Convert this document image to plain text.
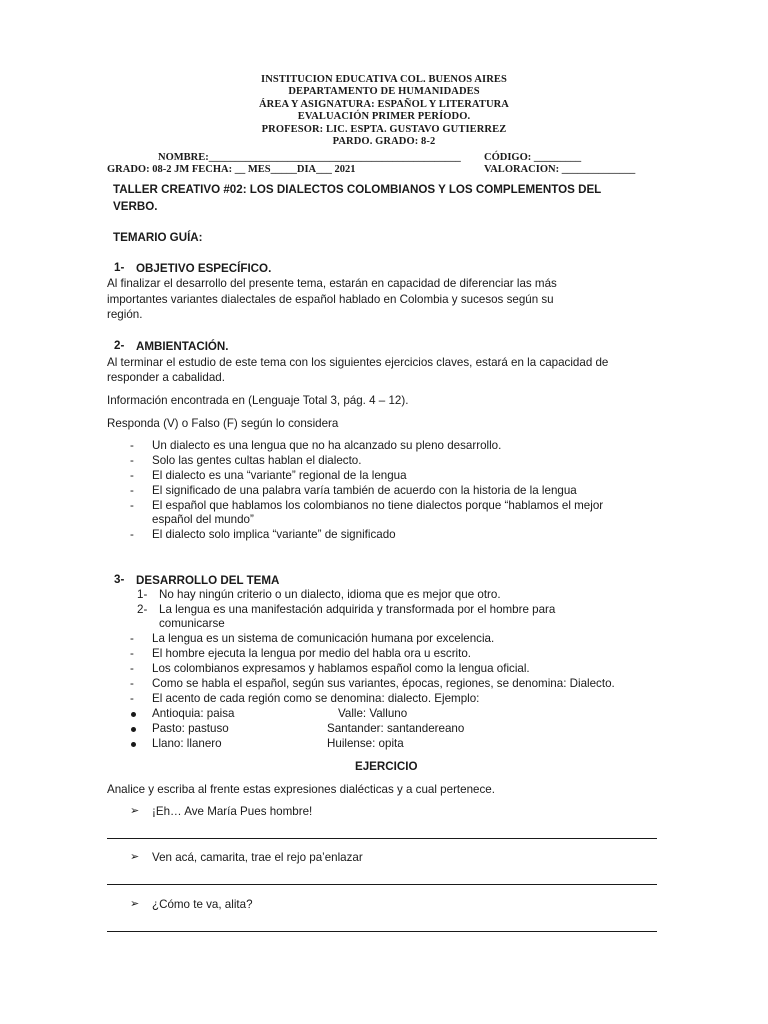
INSTITUCION EDUCATIVA COL. BUENOS AIRES
DEPARTAMENTO DE HUMANIDADES
ÁREA Y ASIGNATURA: ESPAÑOL Y LITERATURA
EVALUACIÓN PRIMER PERÍODO.
PROFESOR: LIC. ESPTA. GUSTAVO GUTIERREZ
PARDO. GRADO: 8-2
NOMBRE:________________________________________________ CÓDIGO: _________
GRADO: 08-2 JM FECHA: __ MES_____DIA___ 2021	VALORACION: ______________
TALLER CREATIVO #02: LOS DIALECTOS COLOMBIANOS Y LOS COMPLEMENTOS DEL
VERBO.
TEMARIO GUÍA:
1- OBJETIVO ESPECÍFICO.
Al finalizar el desarrollo del presente tema, estarán en capacidad de diferenciar las más
importantes variantes dialectales de español hablado en Colombia y sucesos según su
región.
2- AMBIENTACIÓN.
Al terminar el estudio de este tema con los siguientes ejercicios claves, estará en la capacidad de
responder a cabalidad.
Información encontrada en (Lenguaje Total 3, pág. 4 – 12).
Responda (V) o Falso (F) según lo considera
- Un dialecto es una lengua que no ha alcanzado su pleno desarrollo.
- Solo las gentes cultas hablan el dialecto.
- El dialecto es una “variante” regional de la lengua
- El significado de una palabra varía también de acuerdo con la historia de la lengua
- El español que hablamos los colombianos no tiene dialectos porque “hablamos el mejor
español del mundo”
- El dialecto solo implica “variante” de significado
3- DESARROLLO DEL TEMA
1- No hay ningún criterio o un dialecto, idioma que es mejor que otro.
2- La lengua es una manifestación adquirida y transformada por el hombre para
comunicarse
- La lengua es un sistema de comunicación humana por excelencia.
- El hombre ejecuta la lengua por medio del habla ora u escrito.
- Los colombianos expresamos y hablamos español como la lengua oficial.
- Como se habla el español, según sus variantes, épocas, regiones, se denomina: Dialecto.
- El acento de cada región como se denomina: dialecto. Ejemplo:
Antioquia: paisa	Valle: Valluno
Pasto: pastuso	Santander: santandereano
Llano: llanero	Huilense: opita
EJERCICIO
Analice y escriba al frente estas expresiones dialécticas y a cual pertenece.
➢ ¡Eh… Ave María Pues hombre!
➢ Ven acá, camarita, trae el rejo pa’enlazar
➢ ¿Cómo te va, alita?
